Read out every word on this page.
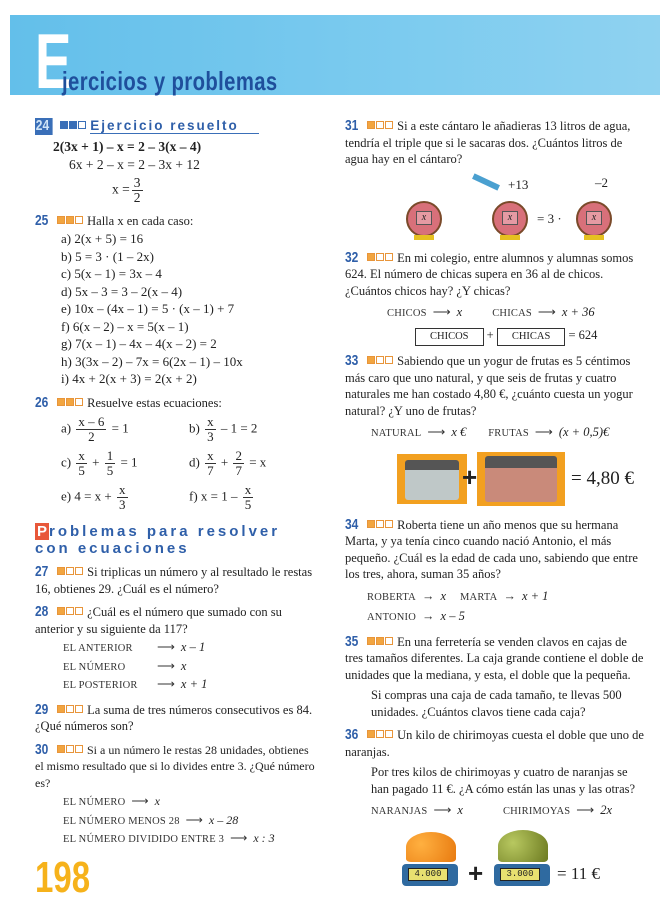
E
jercicios y problemas
24	Ejercicio resuelto
2(3x + 1) – x = 2 – 3(x – 4)
6x + 2 – x = 2 – 3x + 12
$x = \frac{3}{2}$
25	Halla x en cada caso:
a) 2(x + 5) = 16
b) 5 = 3 · (1 – 2x)
c) 5(x – 1) = 3x – 4
d) 5x – 3 = 3 – 2(x – 4)
e) 10x – (4x – 1) = 5 · (x – 1) + 7
f) 6(x – 2) – x = 5(x – 1)
g) 7(x – 1) – 4x – 4(x – 2) = 2
h) 3(3x – 2) – 7x = 6(2x – 1) – 10x
i) 4x + 2(x + 3) = 2(x + 2)
26	Resuelve estas ecuaciones:
$a) \frac{x - 6}{2} = 1$	$b) \frac{x}{3} - 1 = 2$
$c) \frac{x}{5} + \frac{1}{5} = 1$	$d) \frac{x}{7} + \frac{2}{7} = x$
e) $4 = x + \frac{x}{3}$	f) $x = 1 - \frac{x}{5}$
P roblemas para resolver
con ecuaciones
27	Si triplicas un número y al resultado le restas 16, obtienes 29. ¿Cuál es el número?
28	¿Cuál es el número que sumado con su anterior y su siguiente da 117?
EL ANTERIOR ⟶ x – 1
EL NÚMERO	⟶ x
EL POSTERIOR ⟶ x + 1
29	La suma de tres números consecutivos es 84. ¿Qué números son?
30	Si a un número le restas 28 unidades, obtienes el mismo resultado que si lo divides entre 3. ¿Qué número es?
EL NÚMERO ⟶ x
EL NÚMERO MENOS 28 ⟶ x – 28
EL NÚMERO DIVIDIDO ENTRE 3 ⟶ x : 3
198
31	Si a este cántaro le añadieras 13 litros de agua, tendría el triple que si le sacaras dos. ¿Cuántos litros de agua hay en el cántaro?
x
+13
x	= 3 ·
–2
x
32	En mi colegio, entre alumnos y alumnas somos 624. El número de chicas supera en 36 al de chicos. ¿Cuántos chicos hay? ¿Y chicas?
CHICOS ⟶ x	CHICAS ⟶ x + 36
CHICOS + CHICAS = 624
33	Sabiendo que un yogur de frutas es 5 céntimos más caro que uno natural, y que seis de frutas y cuatro naturales me han costado 4,80 €, ¿cuánto cuesta un yogur natural? ¿Y uno de frutas?
NATURAL ⟶ x € FRUTAS ⟶ (x + 0,5)€
+	= 4,80 €
34	Roberta tiene un año menos que su hermana Marta, y ya tenía cinco cuando nació Antonio, el más pequeño. ¿Cuál es la edad de cada uno, sabiendo que entre los tres, ahora, suman 35 años?
ROBERTA → x MARTA → x + 1
ANTONIO → x – 5
35	En una ferretería se venden clavos en cajas de tres tamaños diferentes. La caja grande contiene el doble de unidades que la mediana, y esta, el doble que la pequeña.
Si compras una caja de cada tamaño, te llevas 500 unidades. ¿Cuántos clavos tiene cada caja?
36	Un kilo de chirimoyas cuesta el doble que uno de naranjas.
Por tres kilos de chirimoyas y cuatro de naranjas se han pagado 11 €. ¿A cómo están las unas y las otras?
NARANJAS ⟶ x	CHIRIMOYAS ⟶ 2x
4.000 +	3.000	= 11 €
